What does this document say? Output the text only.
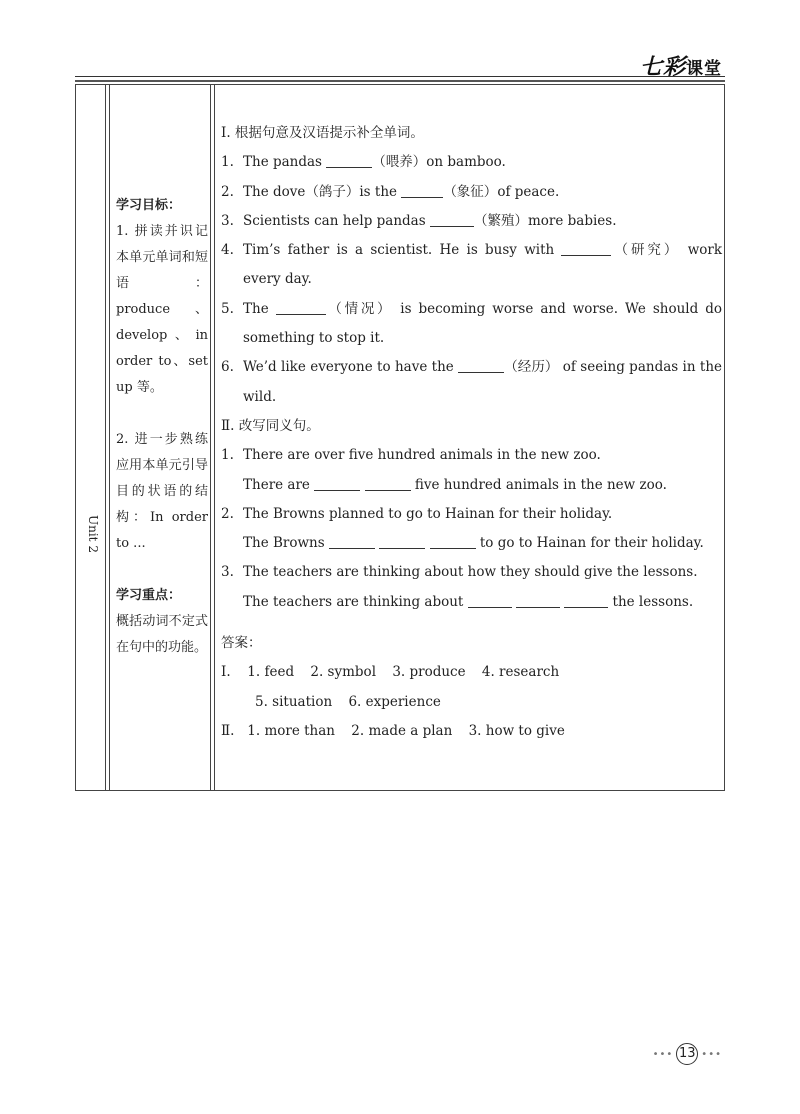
七彩课堂
Unit 2
学习目标：

1. 拼读并识记本单元单词和短语：produce、develop、in order to、set up 等。

2. 进一步熟练应用本单元引导目的状语的结构：In order to ...

学习重点：

概括动词不定式在句中的功能。

Ⅰ. 根据句意及汉语提示补全单词。
1. The pandas	（喂养）on bamboo.
2. The dove（鸽子）is the	（象征）of peace.
3. Scientists can help pandas	（繁殖）more babies.
4. Tim’s father is a scientist. He is busy with	（研究） work
every day.
5. The	（情况） is becoming worse and worse. We should do
something to stop it.
6. We’d like everyone to have the	（经历） of seeing pandas in the
wild.
Ⅱ. 改写同义句。
1. There are over five hundred animals in the new zoo.
There are	five hundred animals in the new zoo.
2. The Browns planned to go to Hainan for their holiday.
The Browns	to go to Hainan for their holiday.
3. The teachers are thinking about how they should give the lessons.
The teachers are thinking about	the lessons.
答案：
Ⅰ. 1. feed 2. symbol 3. produce 4. research
5. situation 6. experience
Ⅱ. 1. more than 2. made a plan 3. how to give
••• 13 •••
